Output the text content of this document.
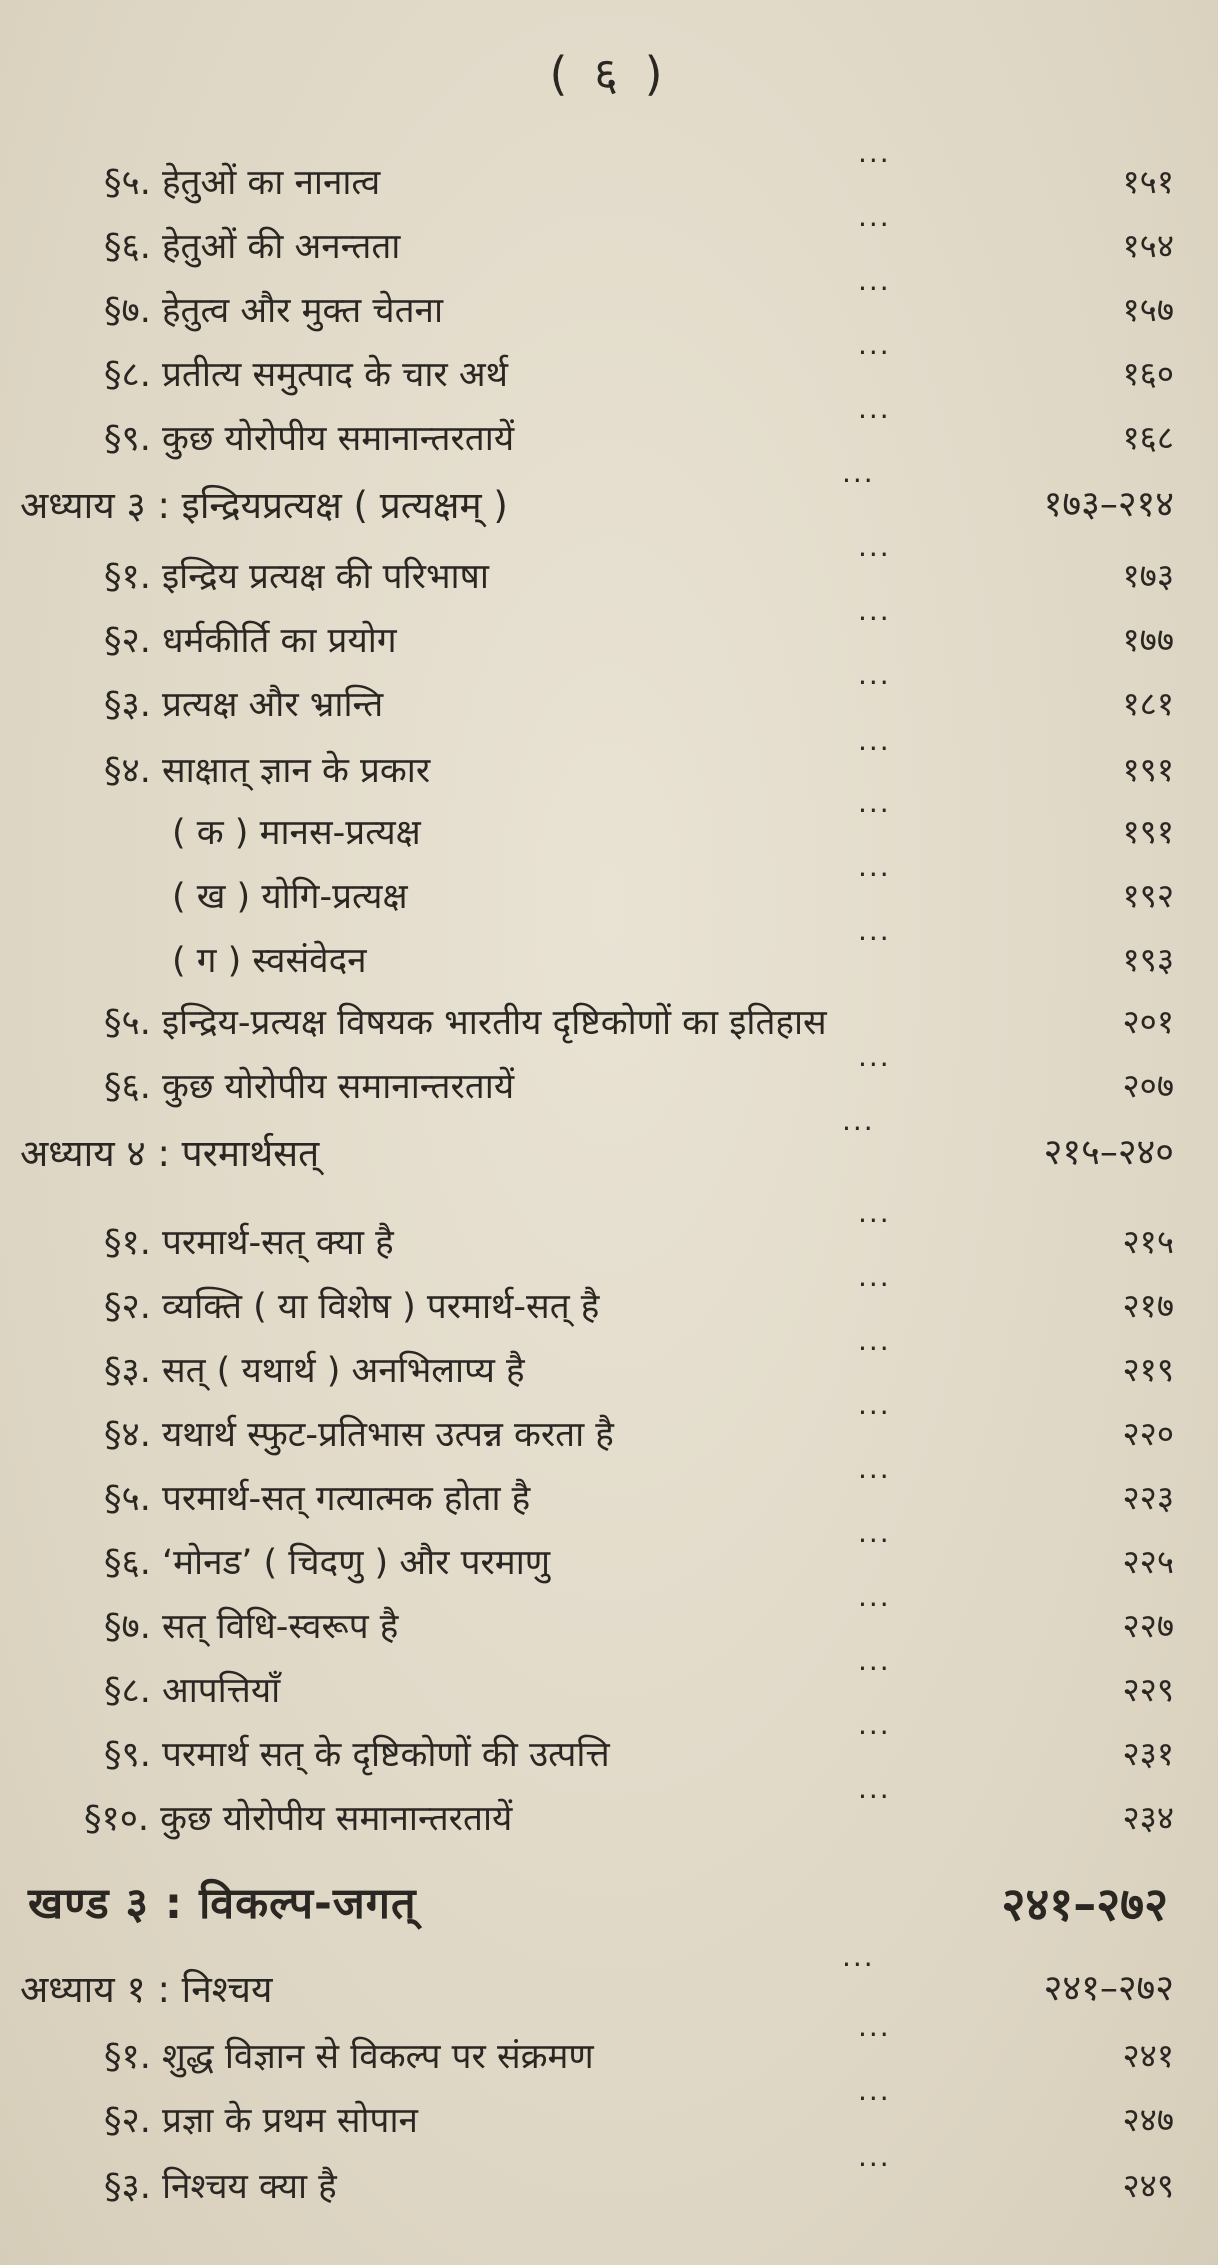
( ६ )
§५. हेतुओं का नानात्व
···
१५१
§६. हेतुओं की अनन्तता
···
१५४
§७. हेतुत्व और मुक्त चेतना
···
१५७
§८. प्रतीत्य समुत्पाद के चार अर्थ
···
१६०
§९. कुछ योरोपीय समानान्तरतायें
···
१६८
अध्याय ३ : इन्द्रियप्रत्यक्ष ( प्रत्यक्षम् )
···
१७३–२१४
§१. इन्द्रिय प्रत्यक्ष की परिभाषा
···
१७३
§२. धर्मकीर्ति का प्रयोग
···
१७७
§३. प्रत्यक्ष और भ्रान्ति
···
१८१
§४. साक्षात् ज्ञान के प्रकार
···
१९१
( क ) मानस-प्रत्यक्ष
···
१९१
( ख ) योगि-प्रत्यक्ष
···
१९२
( ग ) स्वसंवेदन
···
१९३
§५. इन्द्रिय-प्रत्यक्ष विषयक भारतीय दृष्टिकोणों का इतिहास	२०१
§६. कुछ योरोपीय समानान्तरतायें
···
२०७
अध्याय ४ : परमार्थसत्
···
२१५–२४०
§१. परमार्थ-सत् क्या है
···
२१५
§२. व्यक्ति ( या विशेष ) परमार्थ-सत् है
···
२१७
§३. सत् ( यथार्थ ) अनभिलाप्य है
···
२१९
§४. यथार्थ स्फुट-प्रतिभास उत्पन्न करता है
···
२२०
§५. परमार्थ-सत् गत्यात्मक होता है
···
२२३
§६. ‘मोनड’ ( चिदणु ) और परमाणु
···
२२५
§७. सत् विधि-स्वरूप है
···
२२७
§८. आपत्तियाँ
···
२२९
§९. परमार्थ सत् के दृष्टिकोणों की उत्पत्ति
···
२३१
§१०. कुछ योरोपीय समानान्तरतायें
···
२३४
खण्ड ३ : विकल्प-जगत्	२४१–२७२
अध्याय १ : निश्चय
···
२४१–२७२
§१. शुद्ध विज्ञान से विकल्प पर संक्रमण
···
२४१
§२. प्रज्ञा के प्रथम सोपान
···
२४७
§३. निश्चय क्या है
···
२४९
